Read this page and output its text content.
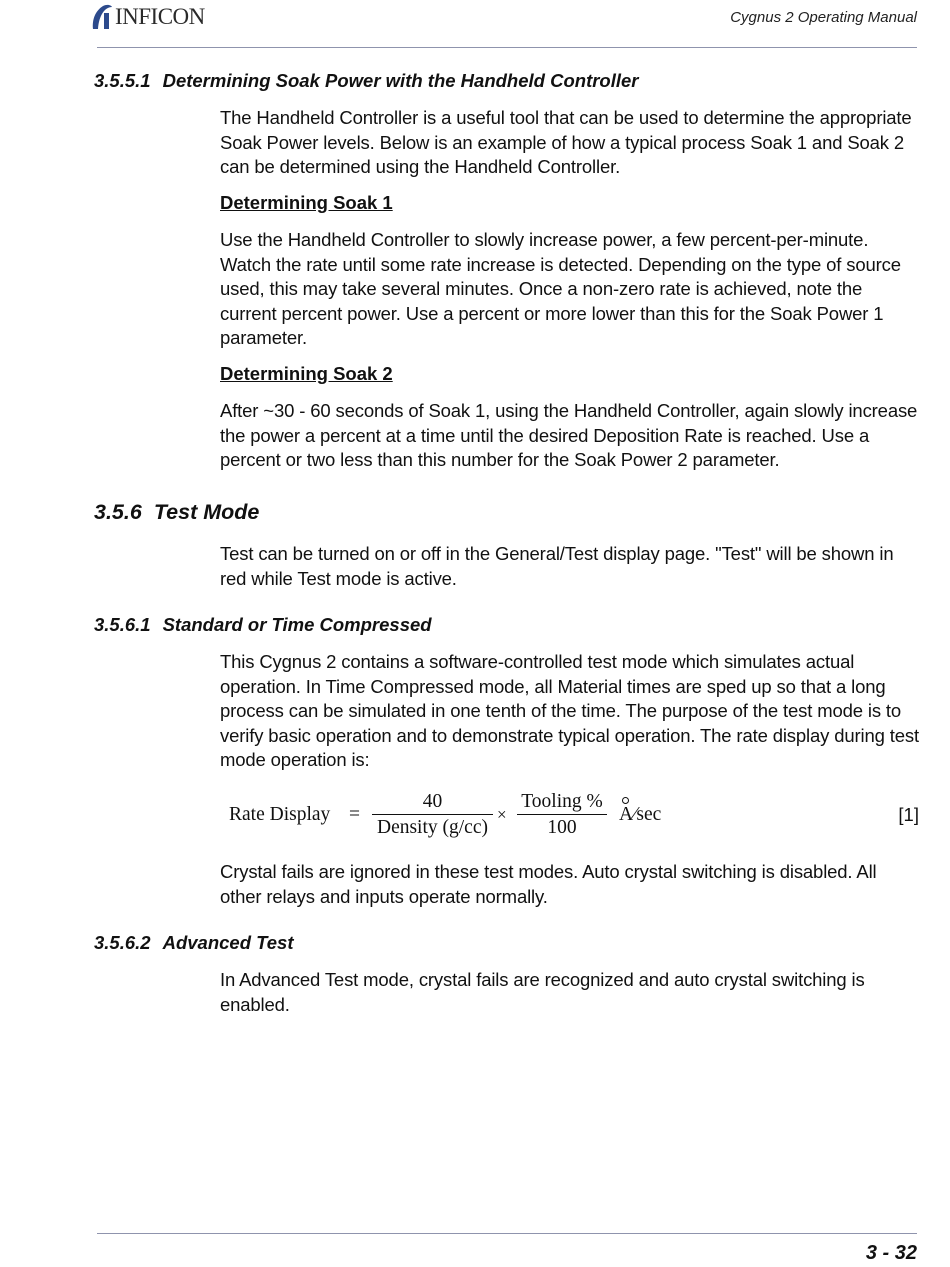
INFICON	Cygnus 2 Operating Manual
3.5.5.1 Determining Soak Power with the Handheld Controller

The Handheld Controller is a useful tool that can be used to determine the appropriate Soak Power levels. Below is an example of how a typical process Soak 1 and Soak 2 can be determined using the Handheld Controller.

Determining Soak 1

Use the Handheld Controller to slowly increase power, a few percent-per-minute. Watch the rate until some rate increase is detected. Depending on the type of source used, this may take several minutes. Once a non-zero rate is achieved, note the current percent power. Use a percent or more lower than this for the Soak Power 1 parameter.

Determining Soak 2

After ~30 - 60 seconds of Soak 1, using the Handheld Controller, again slowly increase the power a percent at a time until the desired Deposition Rate is reached. Use a percent or two less than this number for the Soak Power 2 parameter.

3.5.6 Test Mode

Test can be turned on or off in the General/Test display page. "Test" will be shown in red while Test mode is active.

3.5.6.1 Standard or Time Compressed

This Cygnus 2 contains a software-controlled test mode which simulates actual operation. In Time Compressed mode, all Material times are sped up so that a long process can be simulated in one tenth of the time. The purpose of the test mode is to verify basic operation and to demonstrate typical operation. The rate display during test mode operation is:

Rate Display =
40
Density (g/cc)
×
Tooling %
100
A⁄sec	[1]

Crystal fails are ignored in these test modes. Auto crystal switching is disabled. All other relays and inputs operate normally.

3.5.6.2 Advanced Test

In Advanced Test mode, crystal fails are recognized and auto crystal switching is enabled.

3 - 32
